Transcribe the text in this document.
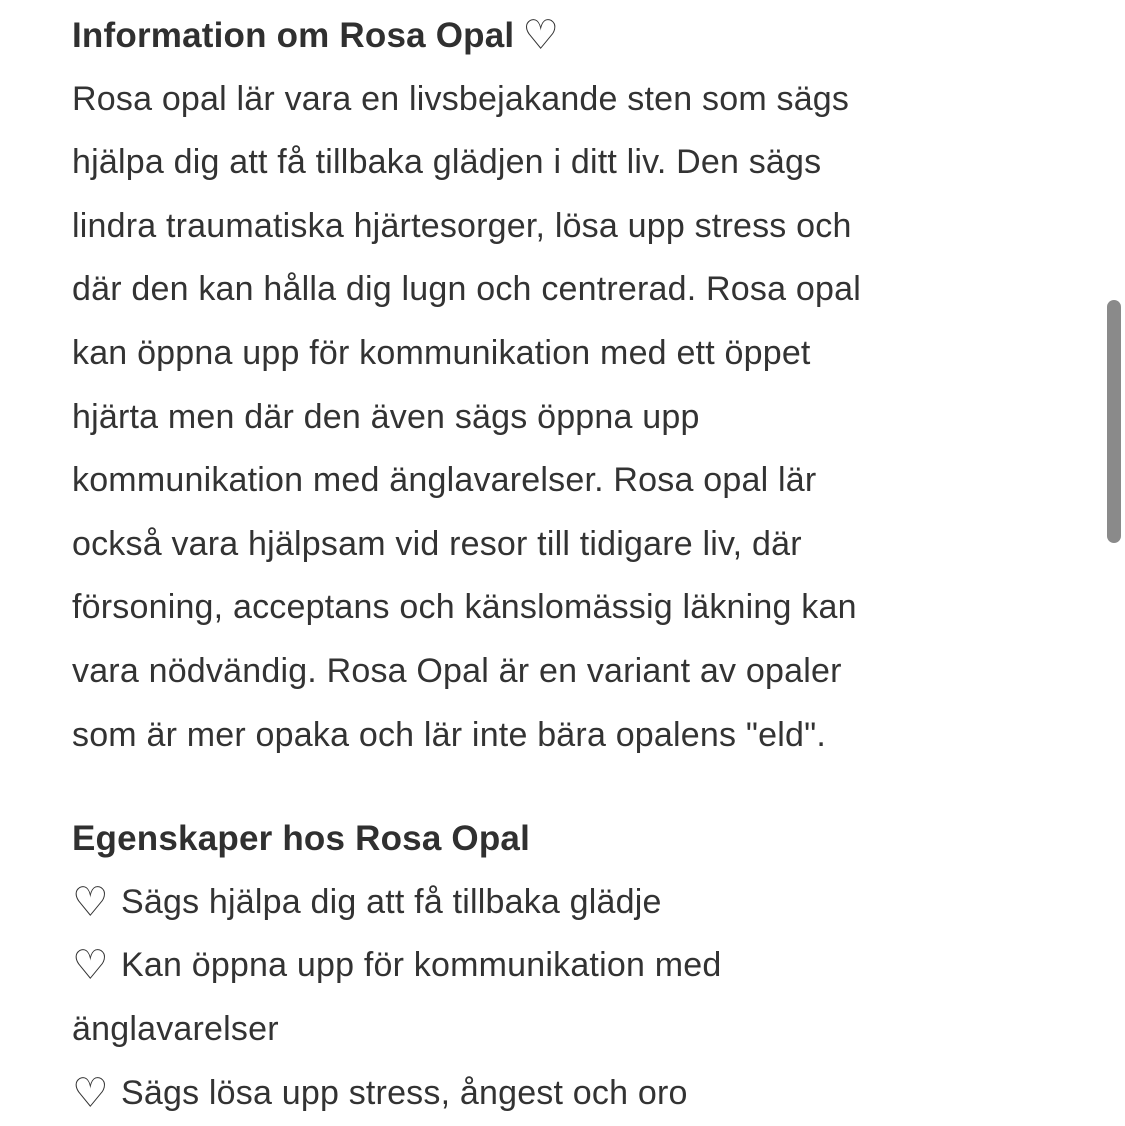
Information om Rosa Opal ♡
Rosa opal lär vara en livsbejakande sten som sägs
hjälpa dig att få tillbaka glädjen i ditt liv. Den sägs
lindra traumatiska hjärtesorger, lösa upp stress och
där den kan hålla dig lugn och centrerad. Rosa opal
kan öppna upp för kommunikation med ett öppet
hjärta men där den även sägs öppna upp
kommunikation med änglavarelser. Rosa opal lär
också vara hjälpsam vid resor till tidigare liv, där
försoning, acceptans och känslomässig läkning kan
vara nödvändig. Rosa Opal är en variant av opaler
som är mer opaka och lär inte bära opalens "eld".
Egenskaper hos Rosa Opal
♡ Sägs hjälpa dig att få tillbaka glädje
♡ Kan öppna upp för kommunikation med
änglavarelser
♡ Sägs lösa upp stress, ångest och oro
